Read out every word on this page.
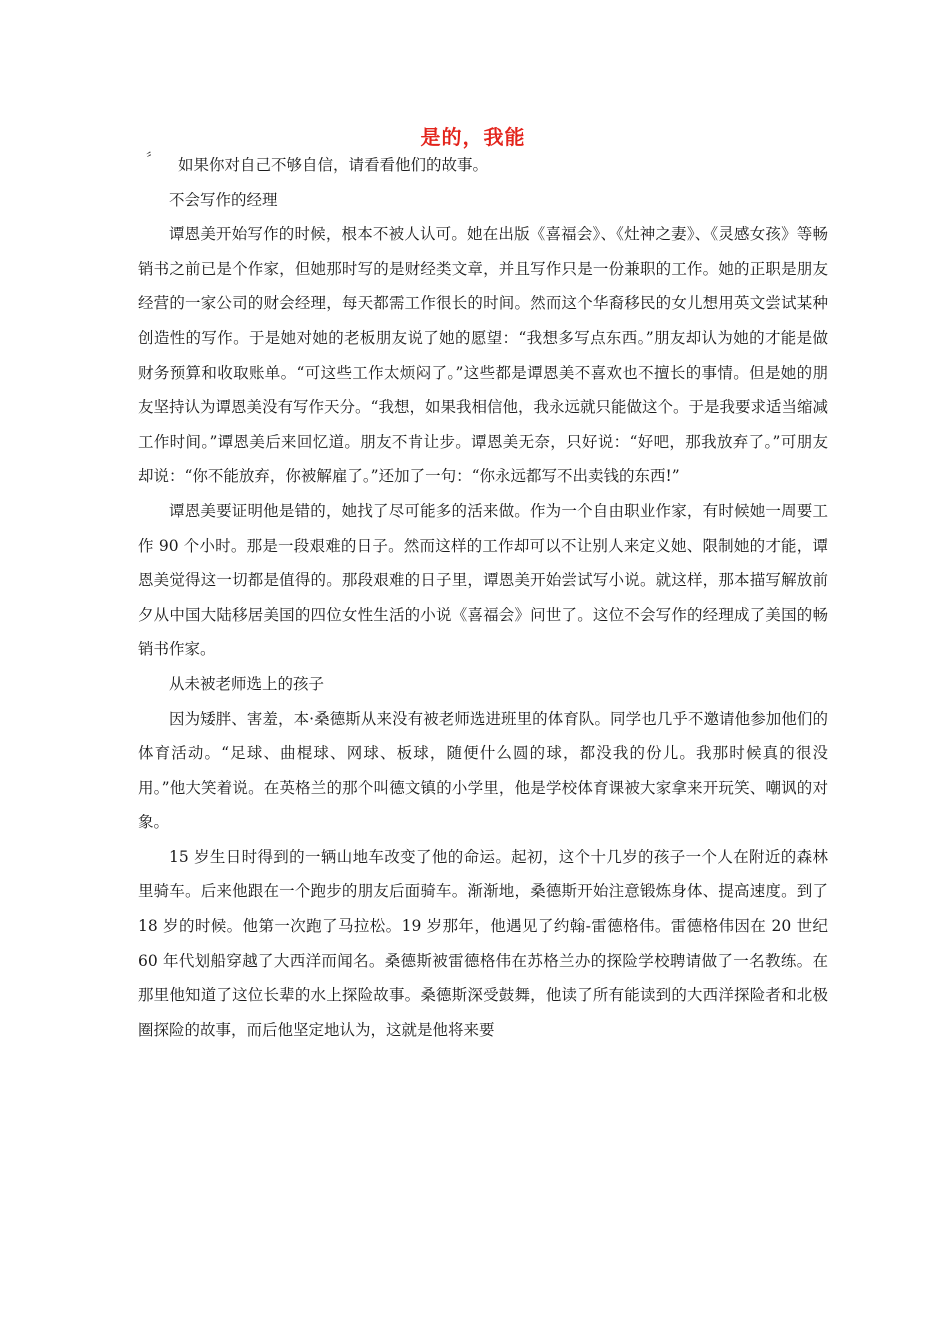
是的，我能
〞	如果你对自己不够自信，请看看他们的故事。

不会写作的经理

谭恩美开始写作的时候，根本不被人认可。她在出版《喜福会》、《灶神之妻》、《灵感女孩》等畅销书之前已是个作家，但她那时写的是财经类文章，并且写作只是一份兼职的工作。她的正职是朋友经营的一家公司的财会经理，每天都需工作很长的时间。然而这个华裔移民的女儿想用英文尝试某种创造性的写作。于是她对她的老板朋友说了她的愿望：“我想多写点东西。”朋友却认为她的才能是做财务预算和收取账单。“可这些工作太烦闷了。”这些都是谭恩美不喜欢也不擅长的事情。但是她的朋友坚持认为谭恩美没有写作天分。“我想，如果我相信他，我永远就只能做这个。于是我要求适当缩减工作时间。”谭恩美后来回忆道。朋友不肯让步。谭恩美无奈，只好说：“好吧，那我放弃了。”可朋友却说：“你不能放弃，你被解雇了。”还加了一句：“你永远都写不出卖钱的东西!”

谭恩美要证明他是错的，她找了尽可能多的活来做。作为一个自由职业作家，有时候她一周要工作 90 个小时。那是一段艰难的日子。然而这样的工作却可以不让别人来定义她、限制她的才能，谭恩美觉得这一切都是值得的。那段艰难的日子里，谭恩美开始尝试写小说。就这样，那本描写解放前夕从中国大陆移居美国的四位女性生活的小说《喜福会》问世了。这位不会写作的经理成了美国的畅销书作家。

从未被老师选上的孩子

因为矮胖、害羞，本·桑德斯从来没有被老师选进班里的体育队。同学也几乎不邀请他参加他们的体育活动。“足球、曲棍球、网球、板球，随便什么圆的球，都没我的份儿。我那时候真的很没用。”他大笑着说。在英格兰的那个叫德文镇的小学里，他是学校体育课被大家拿来开玩笑、嘲讽的对象。

15 岁生日时得到的一辆山地车改变了他的命运。起初，这个十几岁的孩子一个人在附近的森林里骑车。后来他跟在一个跑步的朋友后面骑车。渐渐地，桑德斯开始注意锻炼身体、提高速度。到了 18 岁的时候。他第一次跑了马拉松。19 岁那年，他遇见了约翰-雷德格伟。雷德格伟因在 20 世纪 60 年代划船穿越了大西洋而闻名。桑德斯被雷德格伟在苏格兰办的探险学校聘请做了一名教练。在那里他知道了这位长辈的水上探险故事。桑德斯深受鼓舞，他读了所有能读到的大西洋探险者和北极圈探险的故事，而后他坚定地认为，这就是他将来要
